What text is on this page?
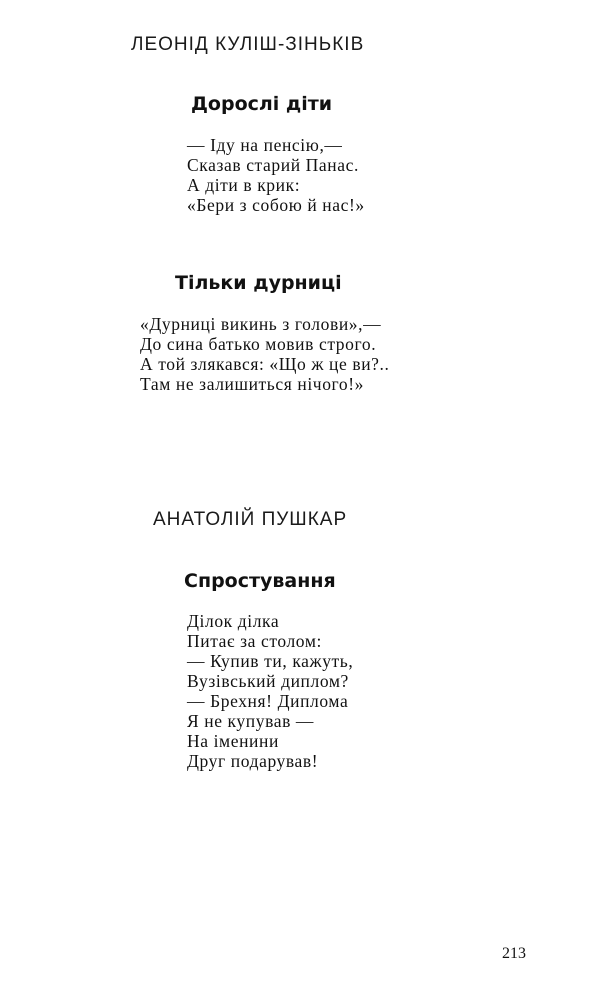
ЛЕОНІД КУЛІШ-ЗІНЬКІВ
Дорослі діти
— Іду на пенсію,—
Сказав старий Панас.
А діти в крик:
«Бери з собою й нас!»
Тільки дурниці
«Дурниці викинь з голови»,—
До сина батько мовив строго.
А той злякався: «Що ж це ви?..
Там не залишиться нічого!»
АНАТОЛІЙ ПУШКАР
Спростування
Ділок ділка
Питає за столом:
— Купив ти, кажуть,
Вузівський диплом?
— Брехня! Диплома
Я не купував —
На іменини
Друг подарував!
213
